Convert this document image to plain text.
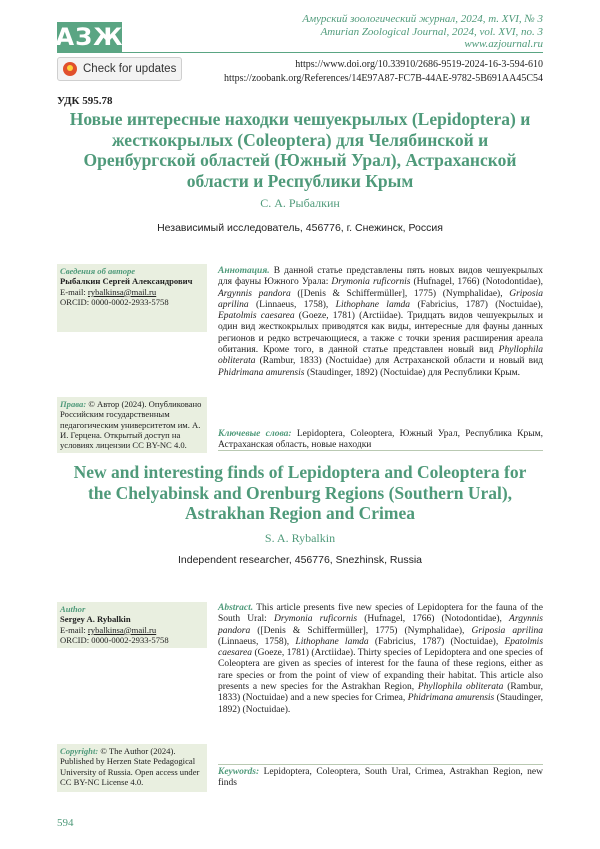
АЗЖ
Амурский зоологический журнал, 2024, т. XVI, № 3
Amurian Zoological Journal, 2024, vol. XVI, no. 3
www.azjournal.ru
Check for updates	https://www.doi.org/10.33910/2686-9519-2024-16-3-594-610
https://zoobank.org/References/14E97A87-FC7B-44AE-9782-5B691AA45C54
УДК 595.78
Новые интересные находки чешуекрылых (Lepidoptera) и жесткокрылых (Coleoptera) для Челябинской и Оренбургской областей (Южный Урал), Астраханской области и Республики Крым
С. А. Рыбалкин
Независимый исследователь, 456776, г. Снежинск, Россия
Сведения об авторе
Рыбалкин Сергей Александрович
E-mail: rybalkinsa@mail.ru
ORCID: 0000-0002-2933-5758
Права: © Автор (2024). Опубликовано Российским государственным педагогическим университетом им. А. И. Герцена. Открытый доступ на условиях лицензии CC BY-NC 4.0.
Аннотация. В данной статье представлены пять новых видов чешуекрылых для фауны Южного Урала: Drymonia ruficornis (Hufnagel, 1766) (Notodontidae), Argynnis pandora ([Denis & Schiffermüller], 1775) (Nymphalidae), Griposia aprilina (Linnaeus, 1758), Lithophane lamda (Fabricius, 1787) (Noctuidae), Epatolmis caesarea (Goeze, 1781) (Arctiidae). Тридцать видов чешуекрылых и один вид жесткокрылых приводятся как виды, интересные для фауны данных регионов и редко встречающиеся, а также с точки зрения расширения ареала обитания. Кроме того, в данной статье представлен новый вид Phyllophila obliterata (Rambur, 1833) (Noctuidae) для Астраханской области и новый вид Phidrimana amurensis (Staudinger, 1892) (Noctuidae) для Республики Крым.
Ключевые слова: Lepidoptera, Coleoptera, Южный Урал, Республика Крым, Астраханская область, новые находки
New and interesting finds of Lepidoptera and Coleoptera for the Chelyabinsk and Orenburg Regions (Southern Ural), Astrakhan Region and Crimea
S. A. Rybalkin
Independent researcher, 456776, Snezhinsk, Russia
Author
Sergey A. Rybalkin
E-mail: rybalkinsa@mail.ru
ORCID: 0000-0002-2933-5758
Copyright: © The Author (2024). Published by Herzen State Pedagogical University of Russia. Open access under CC BY-NC License 4.0.
Abstract. This article presents five new species of Lepidoptera for the fauna of the South Ural: Drymonia ruficornis (Hufnagel, 1766) (Notodontidae), Argynnis pandora ([Denis & Schiffermüller], 1775) (Nymphalidae), Griposia aprilina (Linnaeus, 1758), Lithophane lamda (Fabricius, 1787) (Noctuidae), Epatolmis caesarea (Goeze, 1781) (Arctiidae). Thirty species of Lepidoptera and one species of Coleoptera are given as species of interest for the fauna of these regions, either as rare species or from the point of view of expanding their habitat. This article also presents a new species for the Astrakhan Region, Phyllophila obliterata (Rambur, 1833) (Noctuidae) and a new species for Crimea, Phidrimana amurensis (Staudinger, 1892) (Noctuidae).
Keywords: Lepidoptera, Coleoptera, South Ural, Crimea, Astrakhan Region, new finds
594
